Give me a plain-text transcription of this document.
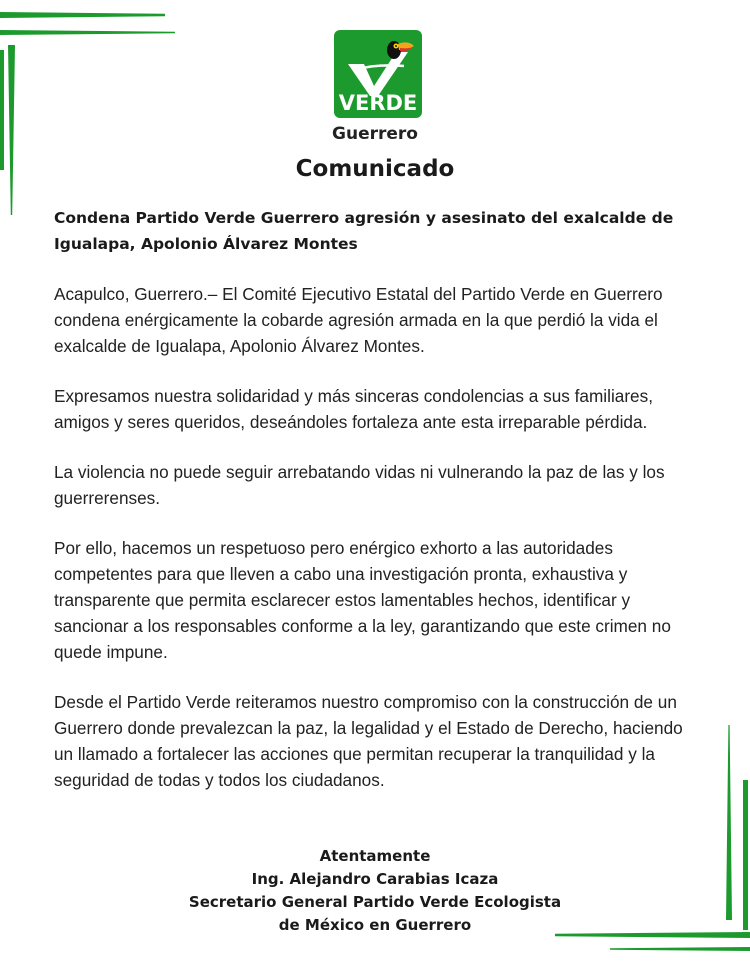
VERDE
Guerrero
Comunicado

Condena Partido Verde Guerrero agresión y asesinato del exalcalde de Igualapa, Apolonio Álvarez Montes

Acapulco, Guerrero.– El Comité Ejecutivo Estatal del Partido Verde en Guerrero condena enérgicamente la cobarde agresión armada en la que perdió la vida el exalcalde de Igualapa, Apolonio Álvarez Montes.

Expresamos nuestra solidaridad y más sinceras condolencias a sus familiares, amigos y seres queridos, deseándoles fortaleza ante esta irreparable pérdida.

La violencia no puede seguir arrebatando vidas ni vulnerando la paz de las y los guerrerenses.

Por ello, hacemos un respetuoso pero enérgico exhorto a las autoridades competentes para que lleven a cabo una investigación pronta, exhaustiva y transparente que permita esclarecer estos lamentables hechos, identificar y sancionar a los responsables conforme a la ley, garantizando que este crimen no quede impune.

Desde el Partido Verde reiteramos nuestro compromiso con la construcción de un Guerrero donde prevalezcan la paz, la legalidad y el Estado de Derecho, haciendo un llamado a fortalecer las acciones que permitan recuperar la tranquilidad y la seguridad de todas y todos los ciudadanos.

Atentamente
Ing. Alejandro Carabias Icaza
Secretario General Partido Verde Ecologista
de México en Guerrero
